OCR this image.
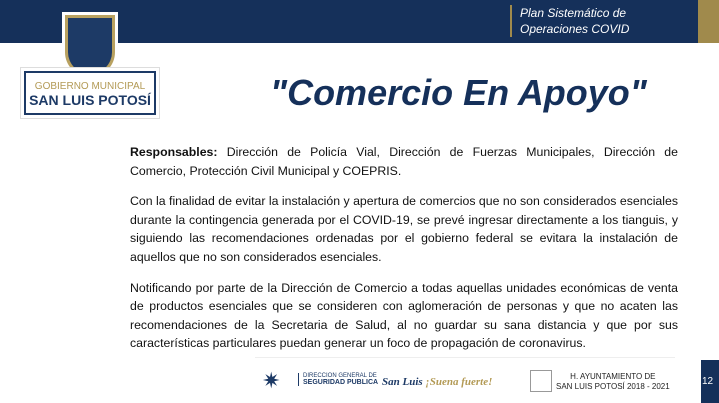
Plan Sistemático de
Operaciones COVID
GOBIERNO MUNICIPAL
SAN LUIS POTOSÍ	"Comercio En Apoyo"

Responsables: Dirección de Policía Vial, Dirección de Fuerzas Municipales, Dirección de Comercio, Protección Civil Municipal y COEPRIS.

Con la finalidad de evitar la instalación y apertura de comercios que no son considerados esenciales durante la contingencia generada por el COVID-19, se prevé ingresar directamente a los tianguis, y siguiendo las recomendaciones ordenadas por el gobierno federal se evitara la instalación de aquellos que no son considerados esenciales.

Notificando por parte de la Dirección de Comercio a todas aquellas unidades económicas de venta de productos esenciales que se consideren con aglomeración de personas y que no acaten las recomendaciones de la Secretaria de Salud, al no guardar su sana distancia y que por sus características particulares puedan generar un foco de propagación de coronavirus.

✷	DIRECCION GENERAL DE
SEGURIDAD PUBLICA San Luis ¡Suena fuerte!	H. AYUNTAMIENTO DE
SAN LUIS POTOSÍ 2018 - 2021	12
